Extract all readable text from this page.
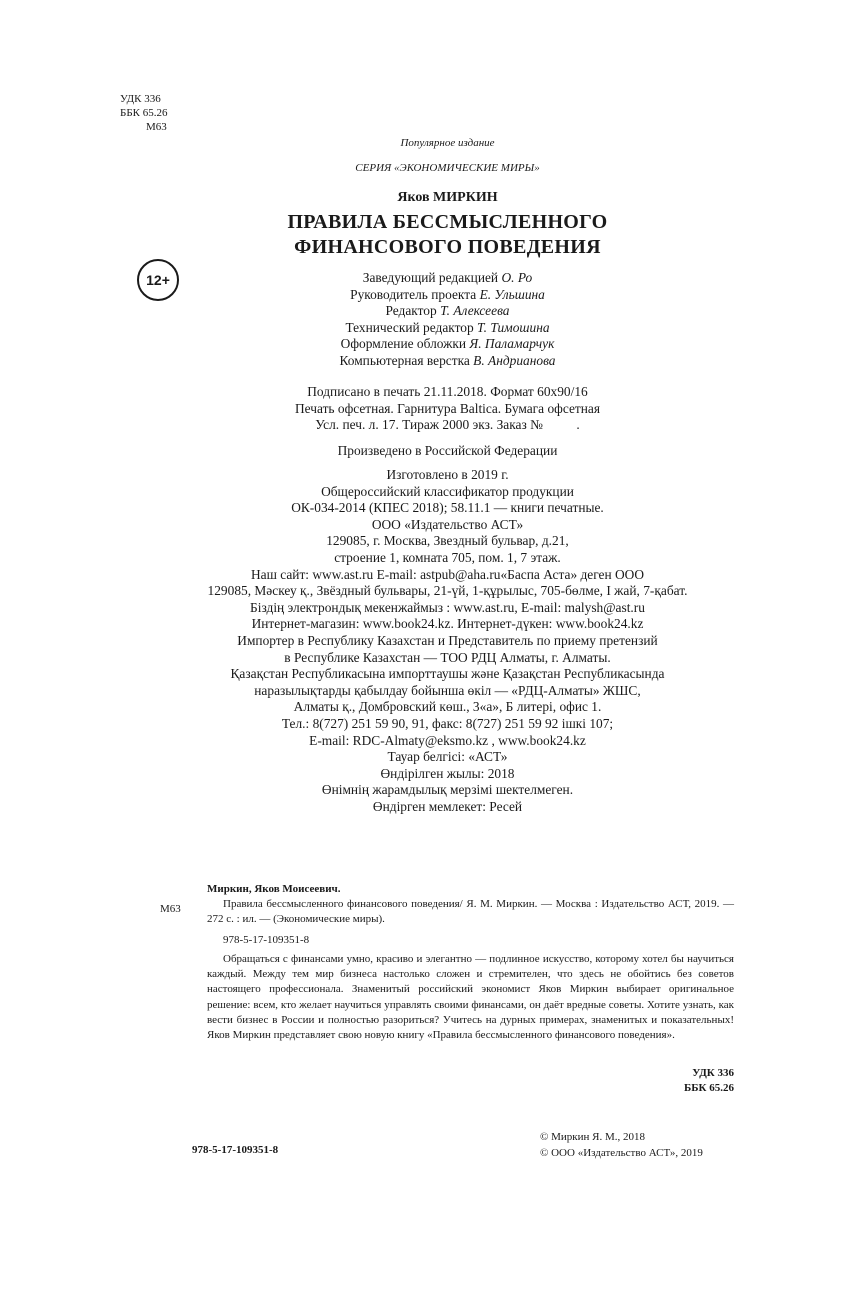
УДК 336
ББК 65.26
М63
Популярное издание
СЕРИЯ «ЭКОНОМИЧЕСКИЕ МИРЫ»
Яков МИРКИН
ПРАВИЛА БЕССМЫСЛЕННОГО
ФИНАНСОВОГО ПОВЕДЕНИЯ
12+	Заведующий редакцией О. Ро
Руководитель проекта Е. Ульшина
Редактор Т. Алексеева
Технический редактор Т. Тимошина
Оформление обложки Я. Паламарчук
Компьютерная верстка В. Андрианова
Подписано в печать 21.11.2018. Формат 60х90/16
Печать офсетная. Гарнитура Baltica. Бумага офсетная
Усл. печ. л. 17. Тираж 2000 экз. Заказ №          .
Произведено в Российской Федерации
Изготовлено в 2019 г.
Общероссийский классификатор продукции
ОК-034-2014 (КПЕС 2018); 58.11.1 — книги печатные.
ООО «Издательство АСТ»
129085, г. Москва, Звездный бульвар, д.21,
строение 1, комната 705, пом. 1, 7 этаж.
Наш сайт: www.ast.ru E-mail: astpub@aha.ru«Баспа Аста» деген ООО
129085, Мәскеу қ., Звёздный бульвары, 21-үй, 1-құрылыс, 705-бөлме, I жай, 7-қабат.
Біздің электрондық мекенжаймыз : www.ast.ru, E-mail: malysh@ast.ru
Интернет-магазин: www.book24.kz. Интернет-дүкен: www.book24.kz
Импортер в Республику Казахстан и Представитель по приему претензий
в Республике Казахстан — ТОО РДЦ Алматы, г. Алматы.
Қазақстан Республикасына импорттаушы және Қазақстан Республикасында
наразылықтарды қабылдау бойынша өкіл — «РДЦ-Алматы» ЖШС,
Алматы қ., Домбровский көш., 3«а», Б литері, офис 1.
Тел.: 8(727) 251 59 90, 91, факс: 8(727) 251 59 92 ішкі 107;
E-mail: RDC-Almaty@eksmo.kz , www.book24.kz
Тауар белгісі: «АСТ»
Өндірілген жылы: 2018
Өнімнің жарамдылық мерзімі шектелмеген.
Өндірген мемлекет: Ресей
Миркин, Яков Моисеевич.
М63	Правила бессмысленного финансового поведения/ Я. М. Миркин. — Москва : Издательство АСТ, 2019. — 272 с. : ил. — (Экономические миры).
978-5-17-109351-8
Обращаться с финансами умно, красиво и элегантно — подлинное искусство, которому хотел бы научиться каждый. Между тем мир бизнеса настолько сложен и стремителен, что здесь не обойтись без советов настоящего профессионала. Знаменитый российский экономист Яков Миркин выбирает оригинальное решение: всем, кто желает научиться управлять своими финансами, он даёт вредные советы. Хотите узнать, как вести бизнес в России и полностью разориться? Учитесь на дурных примерах, знаменитых и показательных! Яков Миркин представляет свою новую книгу «Правила бессмысленного финансового поведения».
УДК 336
ББК 65.26
978-5-17-109351-8
© Миркин Я. М., 2018
© ООО «Издательство АСТ», 2019
